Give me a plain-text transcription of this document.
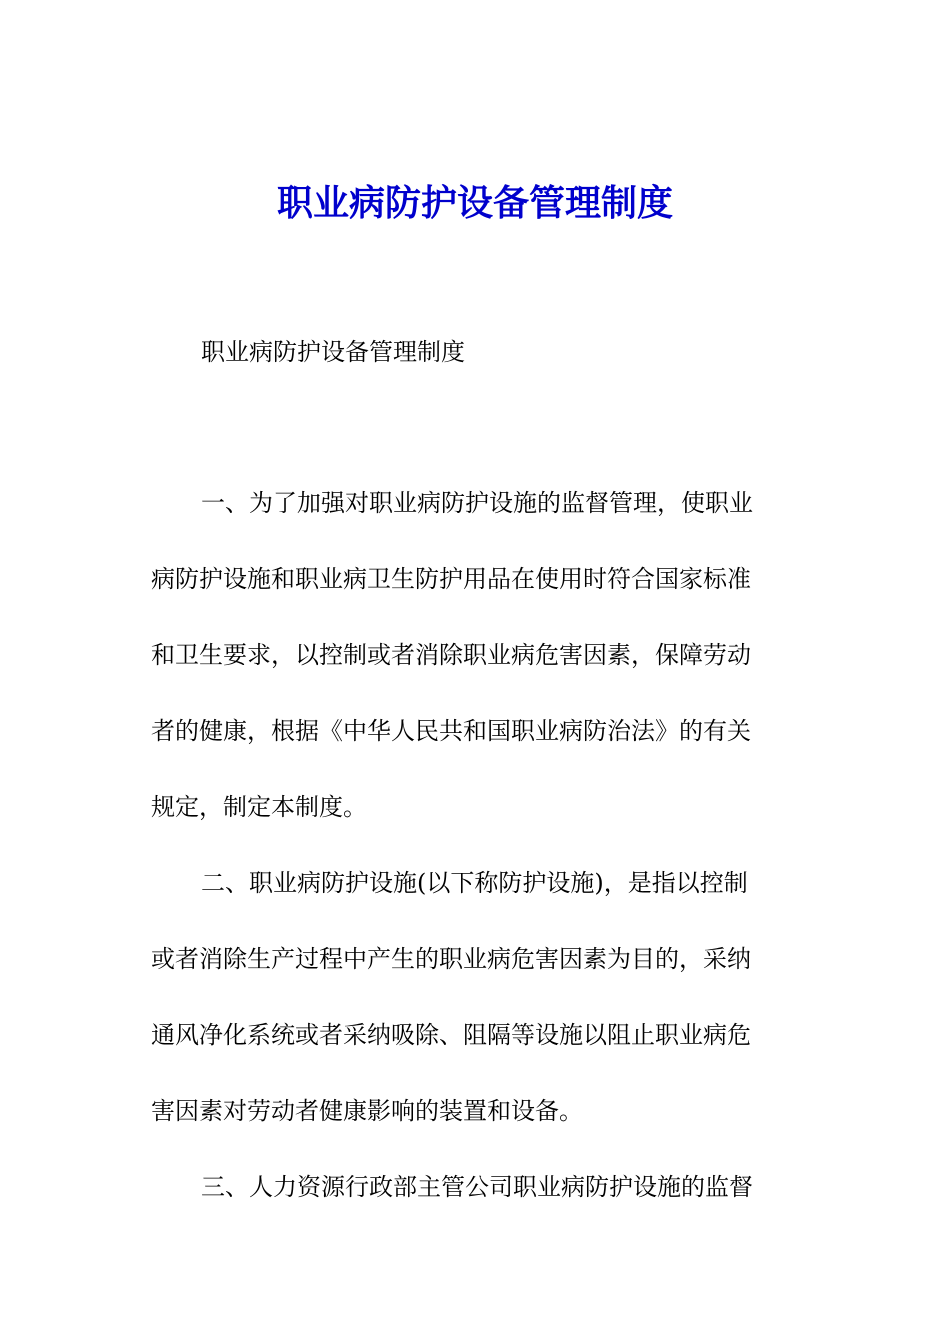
职业病防护设备管理制度

职业病防护设备管理制度

一、为了加强对职业病防护设施的监督管理，使职业
病防护设施和职业病卫生防护用品在使用时符合国家标准
和卫生要求，以控制或者消除职业病危害因素，保障劳动
者的健康，根据《中华人民共和国职业病防治法》的有关
规定，制定本制度。
二、职业病防护设施(以下称防护设施)，是指以控制
或者消除生产过程中产生的职业病危害因素为目的，采纳
通风净化系统或者采纳吸除、阻隔等设施以阻止职业病危
害因素对劳动者健康影响的装置和设备。
三、人力资源行政部主管公司职业病防护设施的监督
